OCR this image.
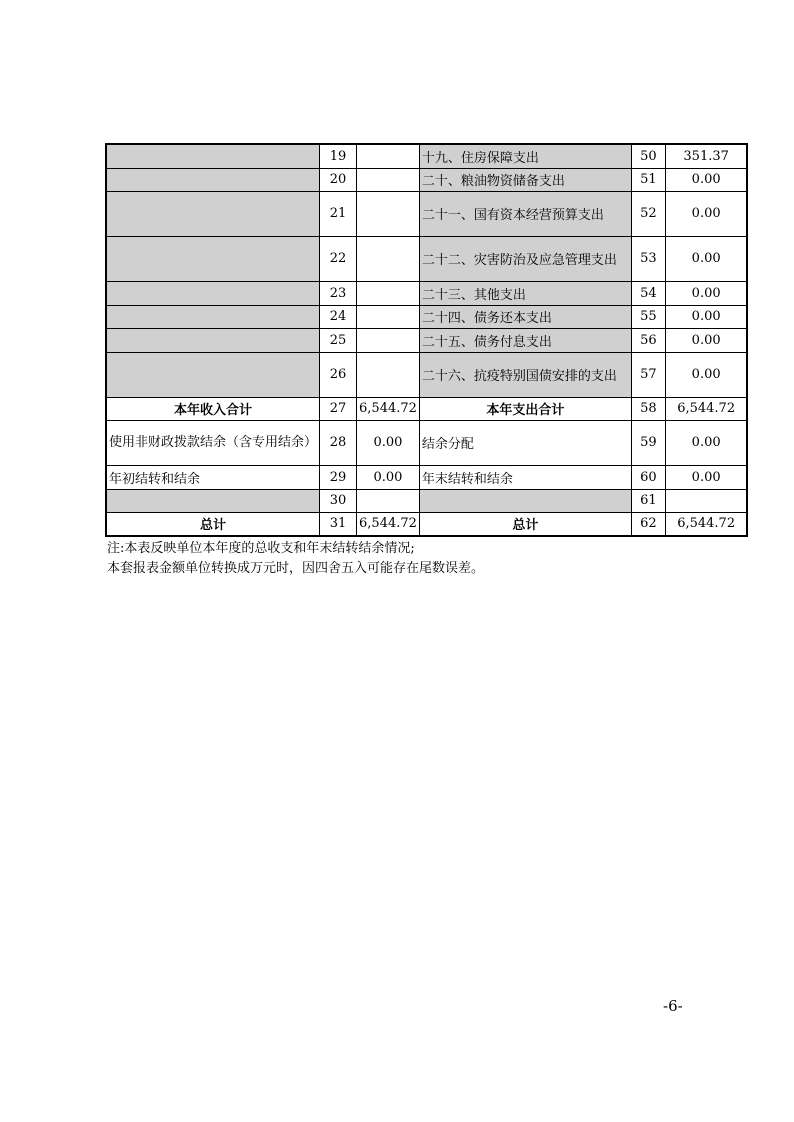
	19		十九、住房保障支出	50	351.37
	20		二十、粮油物资储备支出	51	0.00
	21		二十一、国有资本经营预算支出	52	0.00
	22		二十二、灾害防治及应急管理支出	53	0.00
	23		二十三、其他支出	54	0.00
	24		二十四、债务还本支出	55	0.00
	25		二十五、债务付息支出	56	0.00
	26		二十六、抗疫特别国债安排的支出	57	0.00
本年收入合计	27	6,544.72	本年支出合计	58	6,544.72
使用非财政拨款结余（含专用结余）	28	0.00	结余分配	59	0.00
年初结转和结余	29	0.00	年末结转和结余	60	0.00
	30			61	
总计	31	6,544.72	总计	62	6,544.72
注:本表反映单位本年度的总收支和年末结转结余情况;
本套报表金额单位转换成万元时，因四舍五入可能存在尾数误差。
-6-
